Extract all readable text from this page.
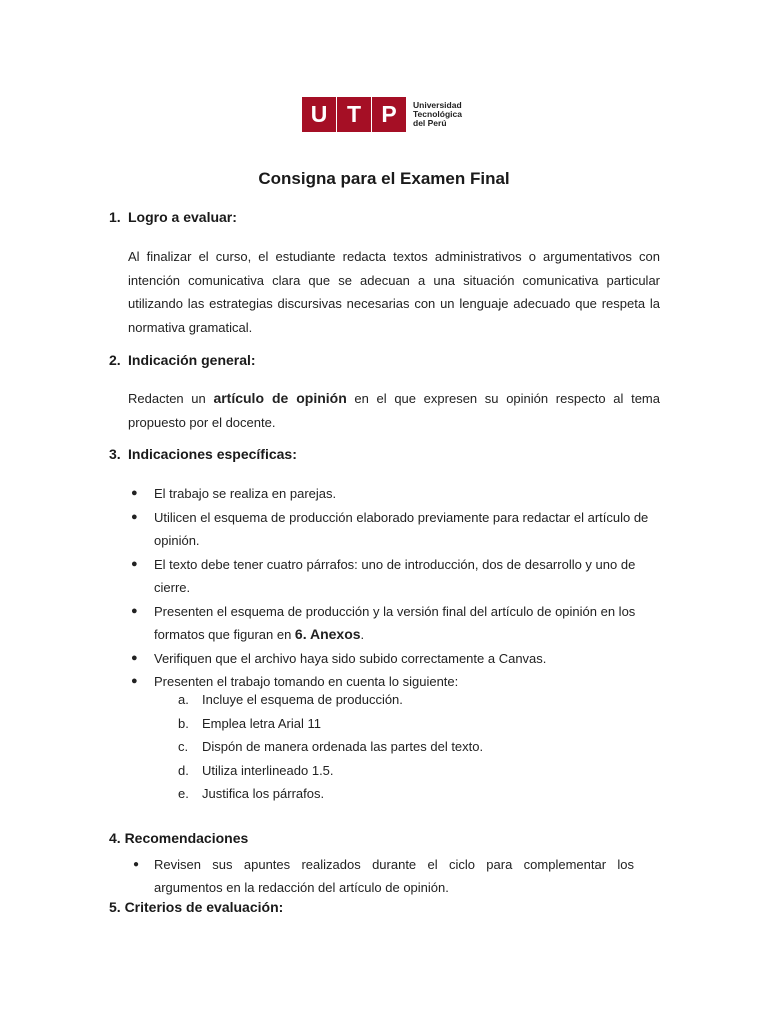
U T P	Universidad
Tecnológica
del Perú
Consigna para el Examen Final
1. Logro a evaluar:
Al finalizar el curso, el estudiante redacta textos administrativos o argumentativos con intención comunicativa clara que se adecuan a una situación comunicativa particular utilizando las estrategias discursivas necesarias con un lenguaje adecuado que respeta la normativa gramatical.
2. Indicación general:
Redacten un artículo de opinión en el que expresen su opinión respecto al tema propuesto por el docente.
3. Indicaciones específicas:
● El trabajo se realiza en parejas.
● Utilicen el esquema de producción elaborado previamente para redactar el artículo de opinión.
● El texto debe tener cuatro párrafos: uno de introducción, dos de desarrollo y uno de cierre.
● Presenten el esquema de producción y la versión final del artículo de opinión en los formatos que figuran en 6. Anexos.
● Verifiquen que el archivo haya sido subido correctamente a Canvas.
● Presenten el trabajo tomando en cuenta lo siguiente:
a. Incluye el esquema de producción.
b. Emplea letra Arial 11
c. Dispón de manera ordenada las partes del texto.
d. Utiliza interlineado 1.5.
e. Justifica los párrafos.
4. Recomendaciones
● Revisen sus apuntes realizados durante el ciclo para complementar los argumentos en la redacción del artículo de opinión.
5. Criterios de evaluación:
